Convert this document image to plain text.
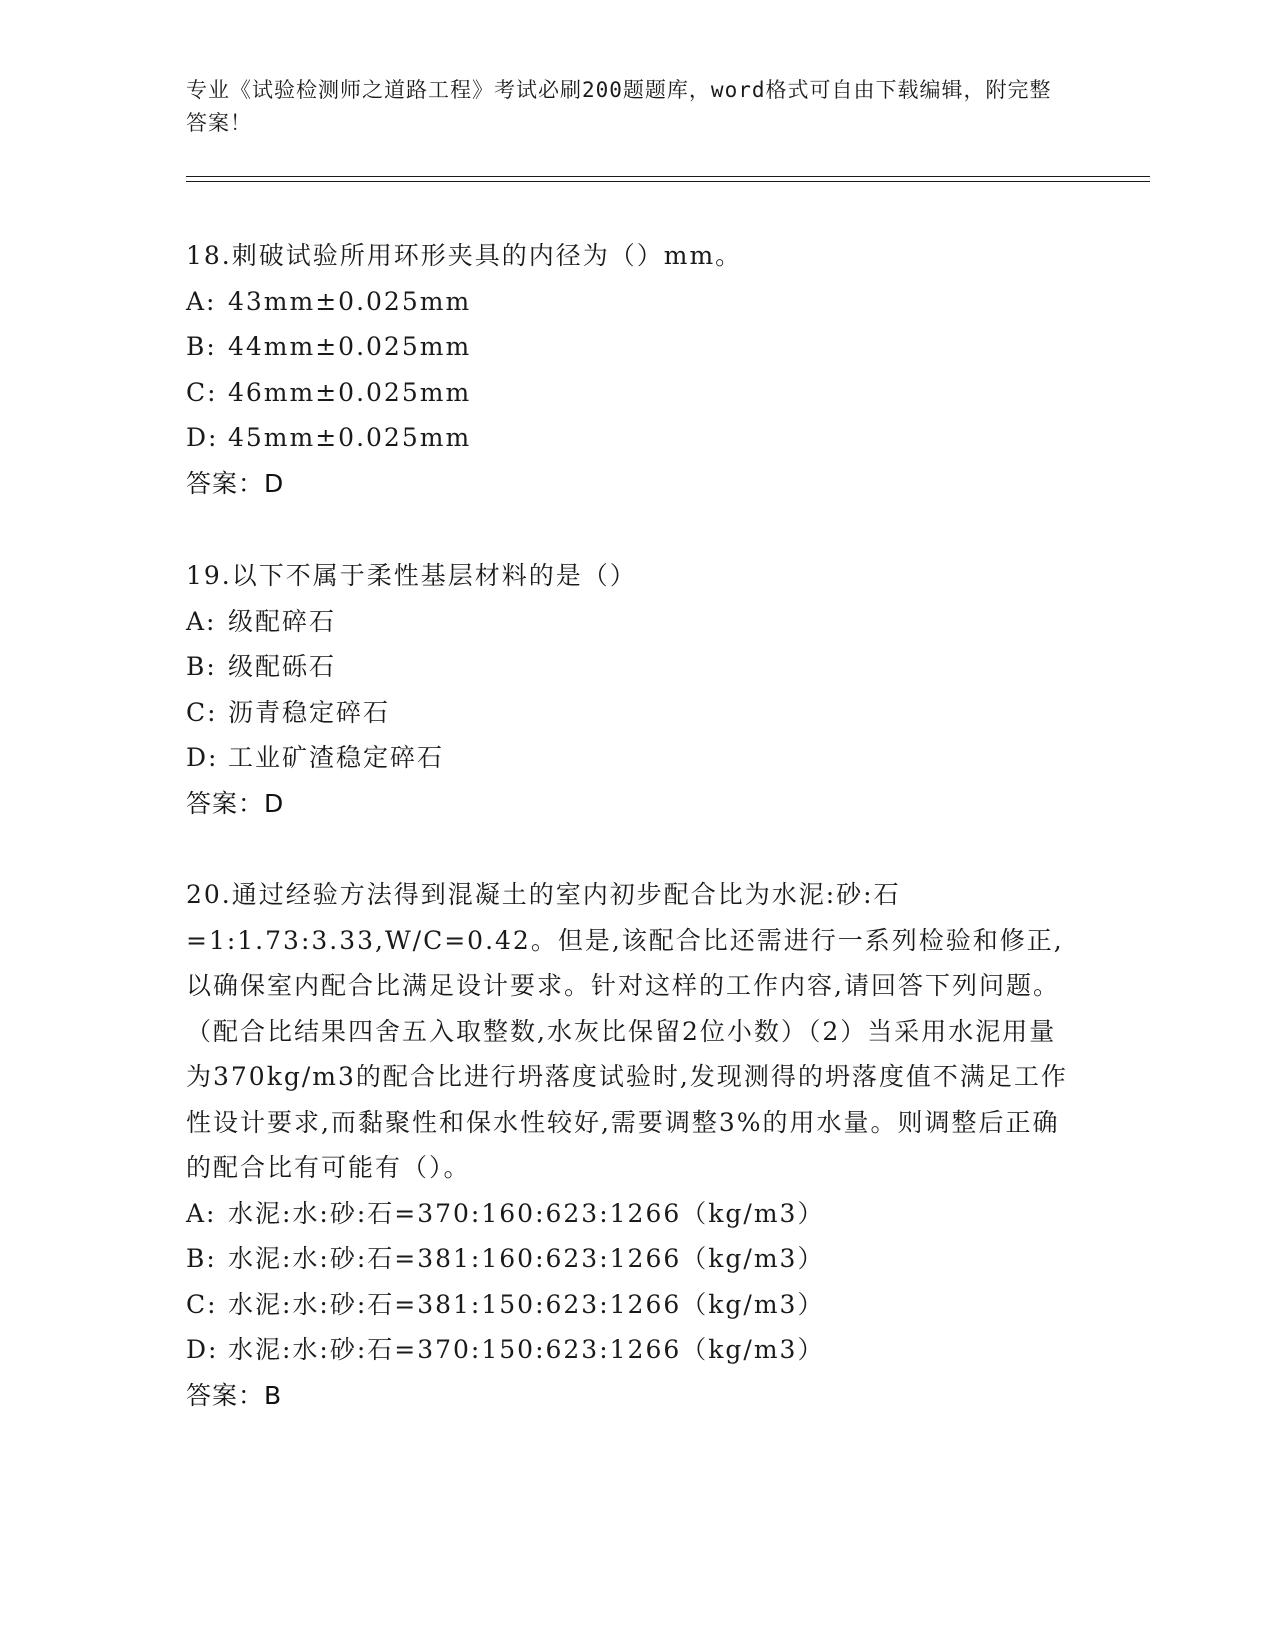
专业《试验检测师之道路工程》考试必刷200题题库，word格式可自由下载编辑，附完整答案！

18.刺破试验所用环形夹具的内径为（）mm。

A: 43mm±0.025mm

B: 44mm±0.025mm

C: 46mm±0.025mm

D: 45mm±0.025mm

答案：D

19.以下不属于柔性基层材料的是（）

A: 级配碎石

B: 级配砾石

C: 沥青稳定碎石

D: 工业矿渣稳定碎石

答案：D

20.通过经验方法得到混凝土的室内初步配合比为水泥:砂:石=1:1.73:3.33,W/C=0.42。但是,该配合比还需进行一系列检验和修正,以确保室内配合比满足设计要求。针对这样的工作内容,请回答下列问题。（配合比结果四舍五入取整数,水灰比保留2位小数）（2）当采用水泥用量为370kg/m3的配合比进行坍落度试验时,发现测得的坍落度值不满足工作性设计要求,而黏聚性和保水性较好,需要调整3%的用水量。则调整后正确的配合比有可能有（）。

A: 水泥:水:砂:石=370:160:623:1266（kg/m3）

B: 水泥:水:砂:石=381:160:623:1266（kg/m3）

C: 水泥:水:砂:石=381:150:623:1266（kg/m3）

D: 水泥:水:砂:石=370:150:623:1266（kg/m3）

答案：B
